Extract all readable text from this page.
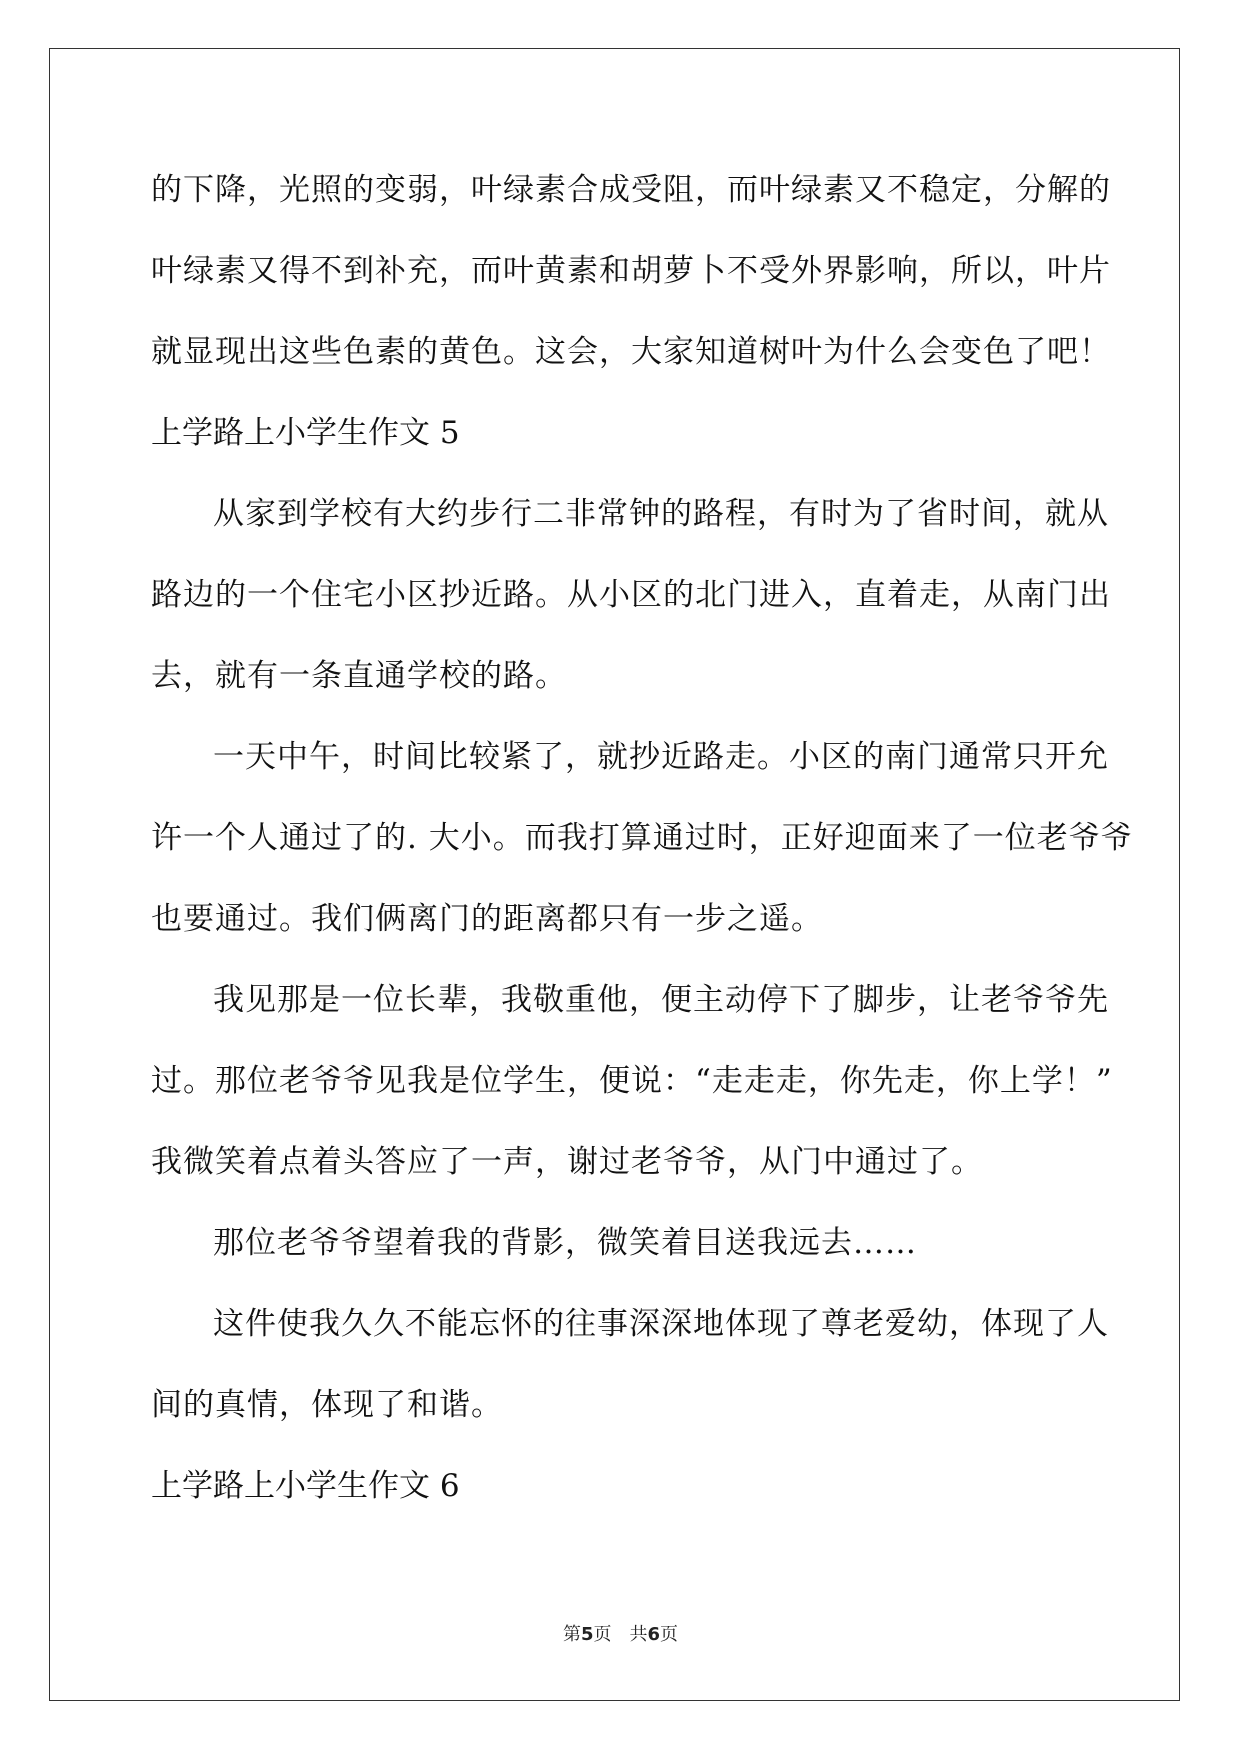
的下降，光照的变弱，叶绿素合成受阻，而叶绿素又不稳定，分解的
叶绿素又得不到补充，而叶黄素和胡萝卜不受外界影响，所以，叶片
就显现出这些色素的黄色。这会，大家知道树叶为什么会变色了吧！
上学路上小学生作文 5
从家到学校有大约步行二非常钟的路程，有时为了省时间，就从
路边的一个住宅小区抄近路。从小区的北门进入，直着走，从南门出
去，就有一条直通学校的路。
一天中午，时间比较紧了，就抄近路走。小区的南门通常只开允
许一个人通过了的. 大小。而我打算通过时，正好迎面来了一位老爷爷
也要通过。我们俩离门的距离都只有一步之遥。
我见那是一位长辈，我敬重他，便主动停下了脚步，让老爷爷先
过。那位老爷爷见我是位学生，便说：“走走走，你先走，你上学！”
我微笑着点着头答应了一声，谢过老爷爷，从门中通过了。
那位老爷爷望着我的背影，微笑着目送我远去……
这件使我久久不能忘怀的往事深深地体现了尊老爱幼，体现了人
间的真情，体现了和谐。
上学路上小学生作文 6
第5页 共6页
